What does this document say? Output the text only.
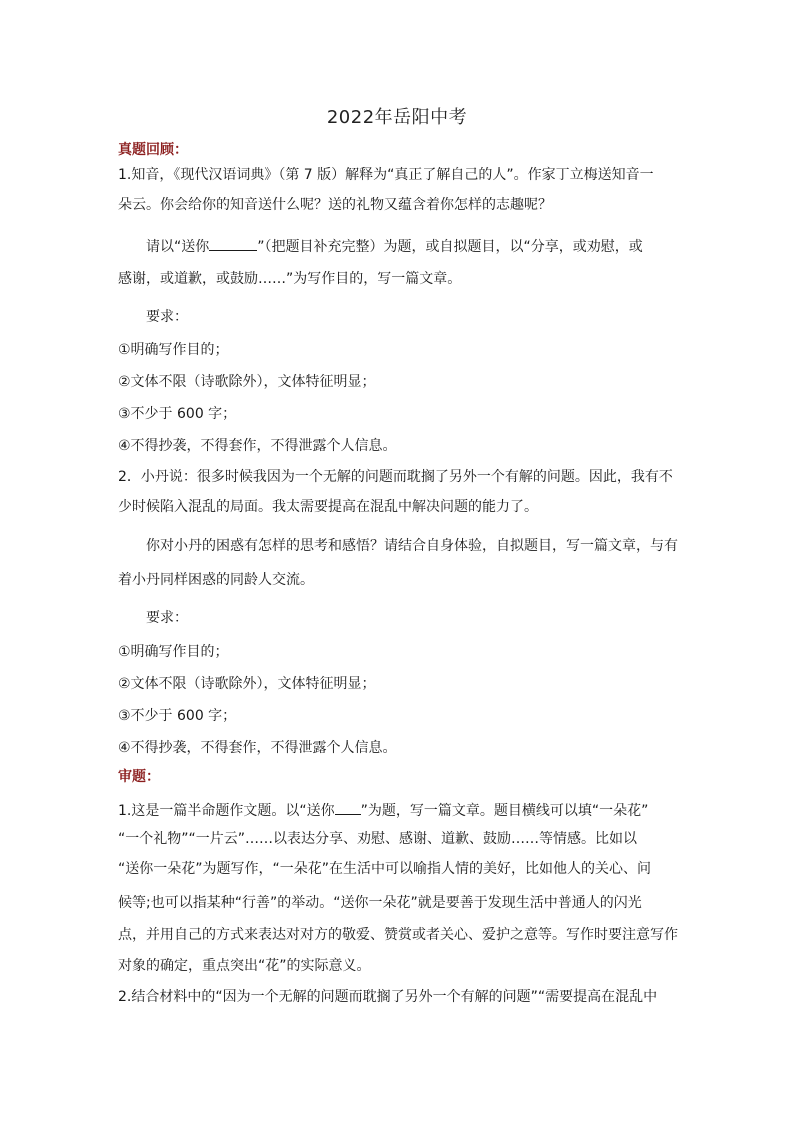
2022年岳阳中考
真题回顾：
1.知音，《现代汉语词典》（第 7 版）解释为“真正了解自己的人”。作家丁立梅送知音一
朵云。你会给你的知音送什么呢？送的礼物又蕴含着你怎样的志趣呢？
请以“送你	”（把题目补充完整）为题，或自拟题目，以“分享，或劝慰，或
感谢，或道歉，或鼓励……”为写作目的，写一篇文章。
要求：
①明确写作目的；
②文体不限（诗歌除外），文体特征明显；
③不少于 600 字；
④不得抄袭，不得套作，不得泄露个人信息。
2．小丹说：很多时候我因为一个无解的问题而耽搁了另外一个有解的问题。因此，我有不
少时候陷入混乱的局面。我太需要提高在混乱中解决问题的能力了。
你对小丹的困惑有怎样的思考和感悟？请结合自身体验，自拟题目，写一篇文章，与有
着小丹同样困惑的同龄人交流。
要求：
①明确写作目的；
②文体不限（诗歌除外），文体特征明显；
③不少于 600 字；
④不得抄袭，不得套作，不得泄露个人信息。
审题：
1.这是一篇半命题作文题。以“送你 ”为题，写一篇文章。题目横线可以填“一朵花”
“一个礼物”“一片云”……以表达分享、劝慰、感谢、道歉、鼓励……等情感。比如以
“送你一朵花”为题写作，“一朵花”在生活中可以喻指人情的美好，比如他人的关心、问
候等;也可以指某种“行善”的举动。“送你一朵花”就是要善于发现生活中普通人的闪光
点，并用自己的方式来表达对对方的敬爱、赞赏或者关心、爱护之意等。写作时要注意写作
对象的确定，重点突出“花”的实际意义。
2.结合材料中的“因为一个无解的问题而耽搁了另外一个有解的问题”“需要提高在混乱中
